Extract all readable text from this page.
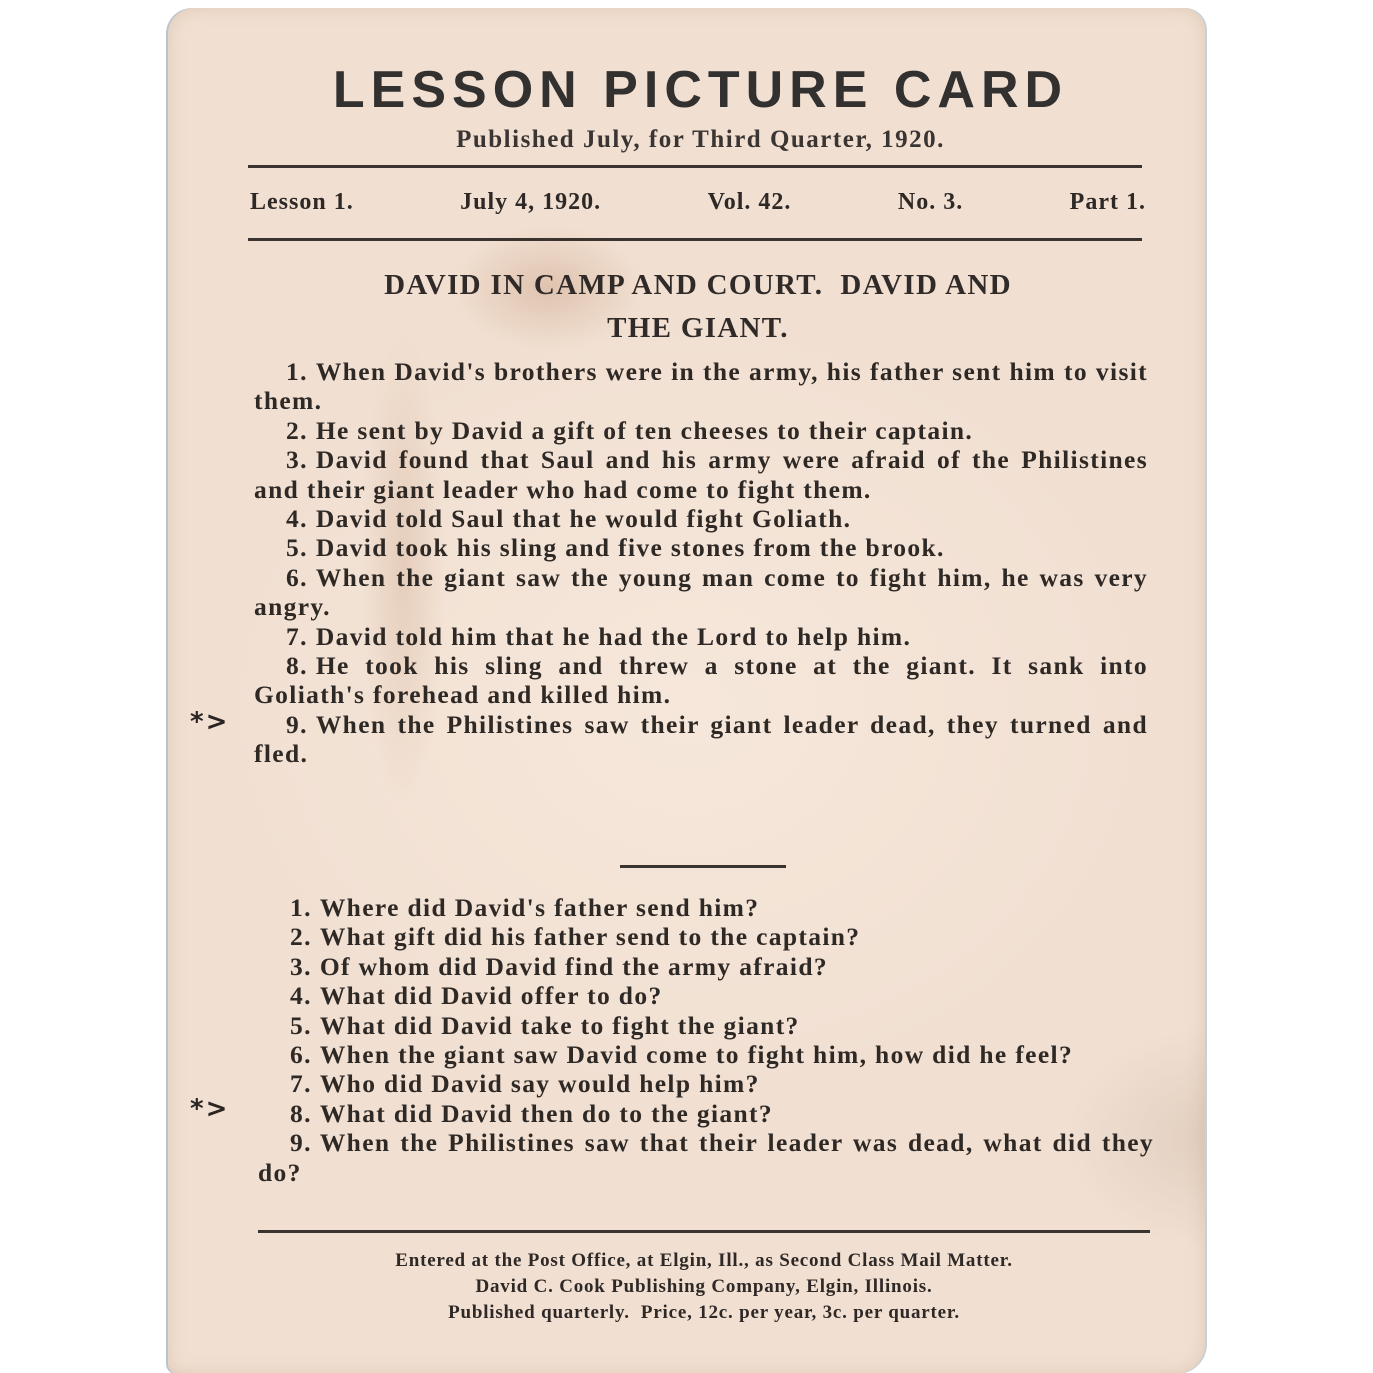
LESSON PICTURE CARD
Published July, for Third Quarter, 1920.
Lesson 1.	July 4, 1920.	Vol. 42.	No. 3.	Part 1.
DAVID IN CAMP AND COURT.  DAVID AND
THE GIANT.

1. When David's brothers were in the army, his father sent him to visit them.

2. He sent by David a gift of ten cheeses to their captain.

3. David found that Saul and his army were afraid of the Philistines and their giant leader who had come to fight them.

4. David told Saul that he would fight Goliath.

5. David took his sling and five stones from the brook.

6. When the giant saw the young man come to fight him, he was very angry.

7. David told him that he had the Lord to help him.

8. He took his sling and threw a stone at the giant. It sank into Goliath's forehead and killed him.

9. When the Philistines saw their giant leader dead, they turned and fled.

*>

1. Where did David's father send him?

2. What gift did his father send to the captain?

3. Of whom did David find the army afraid?

4. What did David offer to do?

5. What did David take to fight the giant?

6. When the giant saw David come to fight him, how did he feel?

7. Who did David say would help him?

8. What did David then do to the giant?

9. When the Philistines saw that their leader was dead, what did they do?

*>
Entered at the Post Office, at Elgin, Ill., as Second Class Mail Matter.
David C. Cook Publishing Company, Elgin, Illinois.
Published quarterly.  Price, 12c. per year, 3c. per quarter.
